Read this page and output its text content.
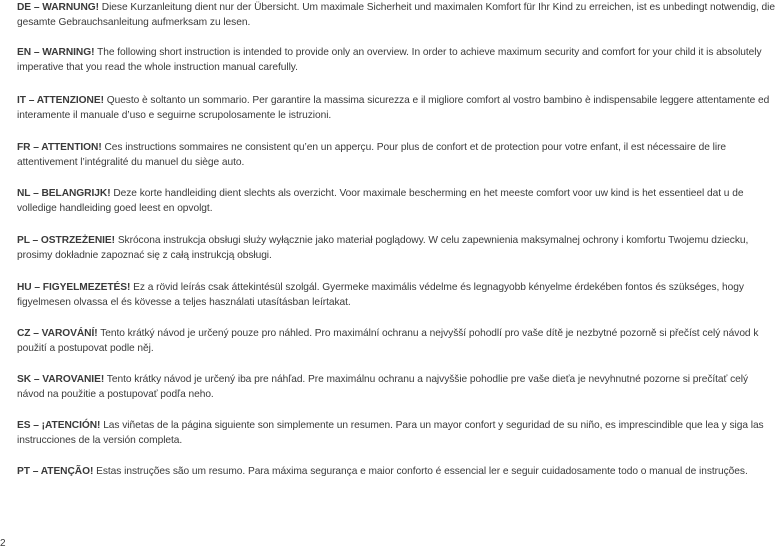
DE – WARNUNG! Diese Kurzanleitung dient nur der Übersicht. Um maximale Sicherheit und maximalen Komfort für Ihr Kind zu erreichen, ist es unbedingt notwendig, die gesamte Gebrauchsanleitung aufmerksam zu lesen.

EN – WARNING! The following short instruction is intended to provide only an overview. In order to achieve maximum security and comfort for your child it is absolutely imperative that you read the whole instruction manual carefully.

IT – ATTENZIONE! Questo è soltanto un sommario. Per garantire la massima sicurezza e il migliore comfort al vostro bambino è indispensabile leggere attentamente ed interamente il manuale d’uso e seguirne scrupolosamente le istruzioni.

FR – ATTENTION! Ces instructions sommaires ne consistent qu’en un apperçu. Pour plus de confort et de protection pour votre enfant, il est nécessaire de lire attentivement l’intégralité du manuel du siège auto.

NL – BELANGRIJK! Deze korte handleiding dient slechts als overzicht. Voor maximale bescherming en het meeste comfort voor uw kind is het essentieel dat u de volledige handleiding goed leest en opvolgt.

PL – OSTRZEŻENIE! Skrócona instrukcja obsługi służy wyłącznie jako materiał poglądowy. W celu zapewnienia maksymalnej ochrony i komfortu Twojemu dziecku, prosimy dokładnie zapoznać się z całą instrukcją obsługi.

HU – FIGYELMEZETÉS! Ez a rövid leírás csak áttekintésül szolgál. Gyermeke maximális védelme és legnagyobb kényelme érdekében fontos és szükséges, hogy figyelmesen olvassa el és kövesse a teljes használati utasításban leírtakat.

CZ – VAROVÁNÍ! Tento krátký návod je určený pouze pro náhled. Pro maximální ochranu a nejvyšší pohodlí pro vaše dítě je nezbytné pozorně si přečíst celý návod k použití a postupovat podle něj.

SK – VAROVANIE! Tento krátky návod je určený iba pre náhľad. Pre maximálnu ochranu a najvyššie pohodlie pre vaše dieťa je nevyhnutné pozorne si prečítať celý návod na použitie a postupovať podľa neho.

ES – ¡ATENCIÓN! Las viñetas de la página siguiente son simplemente un resumen. Para un mayor confort y seguridad de su niño, es imprescindible que lea y siga las instrucciones de la versión completa.

PT – ATENÇÃO! Estas instruções são um resumo. Para máxima segurança e maior conforto é essencial ler e seguir cuidadosamente todo o manual de instruções.

2
